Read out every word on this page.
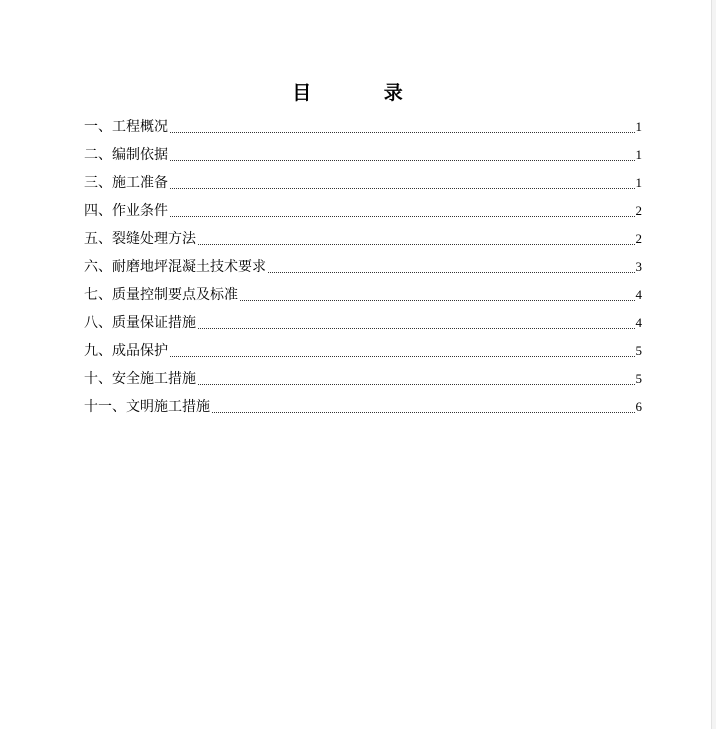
目 录
一、工程概况	1
二、编制依据	1
三、施工准备	1
四、作业条件	2
五、裂缝处理方法	2
六、耐磨地坪混凝土技术要求	3
七、质量控制要点及标准	4
八、质量保证措施	4
九、成品保护	5
十、安全施工措施	5
十一、文明施工措施	6
